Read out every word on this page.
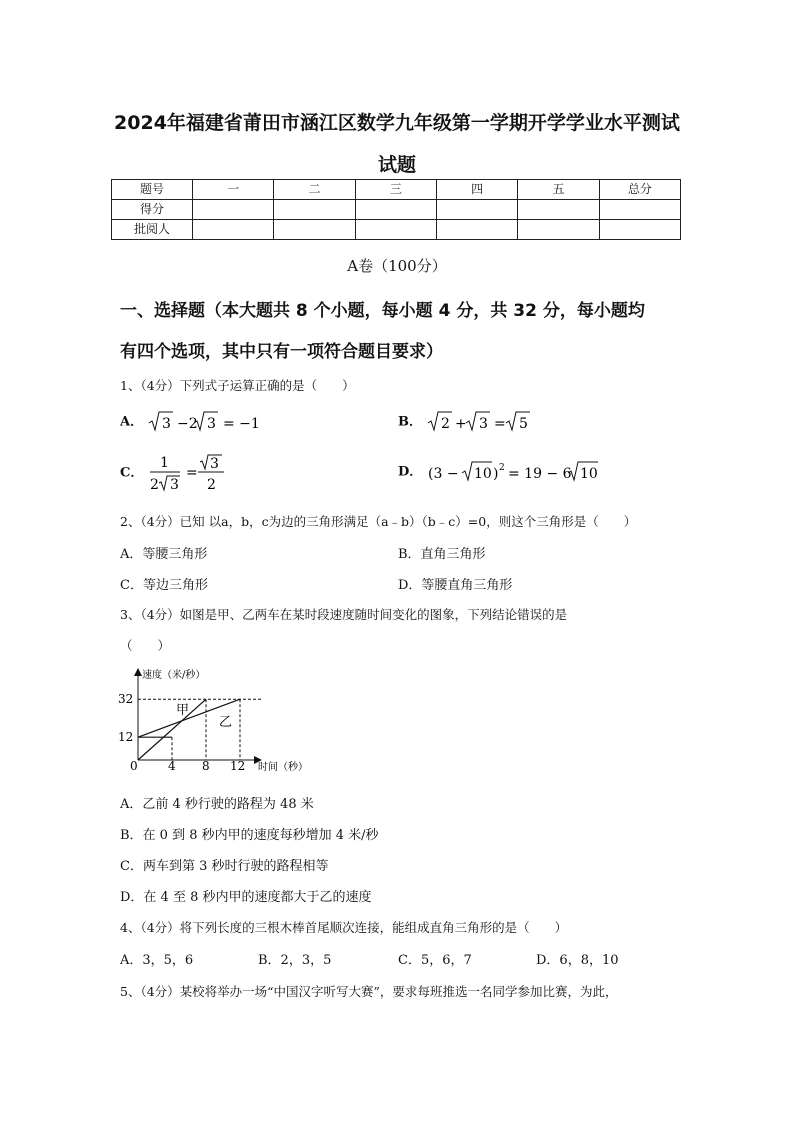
2024年福建省莆田市涵江区数学九年级第一学期开学学业水平测试
试题
题号	一	二	三	四	五	总分
得分						
批阅人						
A卷（100分）
一、选择题（本大题共 8 个小题，每小题 4 分，共 32 分，每小题均
有四个选项，其中只有一项符合题目要求）
1、（4分）下列式子运算正确的是（　　）
A． 3 −2 3 = −1	B． 2 + 3 = 5
C．
1
2 3
=
3
2
D． (3 − 10 ) 2 = 19 − 6 10
2、（4分）已知 以a，b，c为边的三角形满足（a﹣b）（b﹣c）=0，则这个三角形是（　　）
A．等腰三角形	B．直角三角形
C．等边三角形	D．等腰直角三角形
3、（4分）如图是甲、乙两车在某时段速度随时间变化的图象，下列结论错误的是
（　　）
速度（米/秒）
时间（秒）
0
12
32
4 8 12
甲
乙
A．乙前 4 秒行驶的路程为 48 米
B．在 0 到 8 秒内甲的速度每秒增加 4 米/秒
C．两车到第 3 秒时行驶的路程相等
D．在 4 至 8 秒内甲的速度都大于乙的速度
4、（4分）将下列长度的三根木棒首尾顺次连接，能组成直角三角形的是（　　）
A．3，5，6	B．2，3，5	C．5，6，7	D．6，8，10
5、（4分）某校将举办一场“中国汉字听写大赛”，要求每班推选一名同学参加比赛，为此，
